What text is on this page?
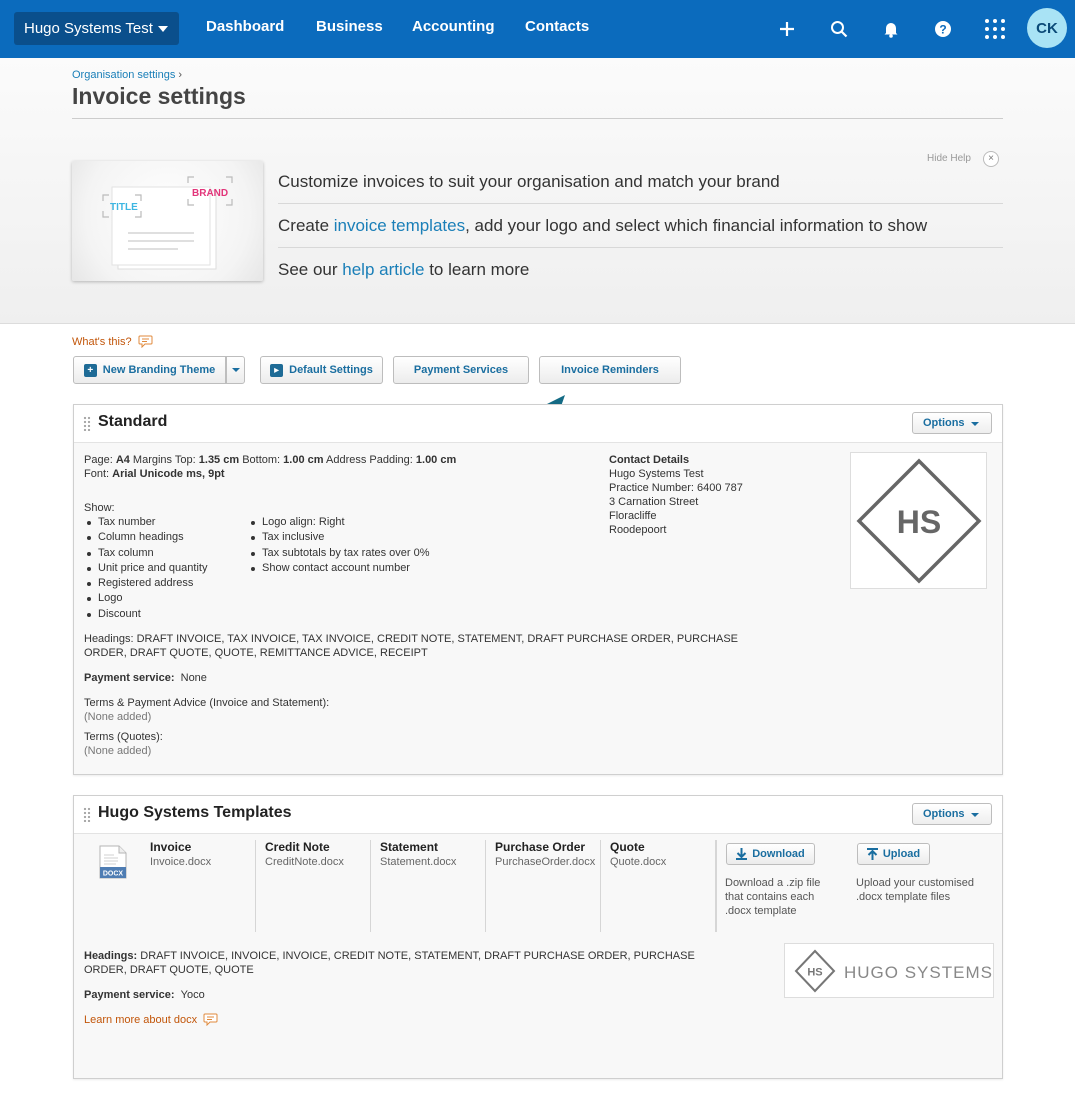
Hugo Systems Test	Dashboard Business Accounting Contacts	?	CK
Organisation settings ›
Invoice settings
TITLE
BRAND
Hide Help	×
Customize invoices to suit your organisation and match your brand
Create invoice templates, add your logo and select which financial information to show
See our help article to learn more
What's this?
+ New Branding Theme	▸ Default Settings	Payment Services	Invoice Reminders
Standard	Options
Page: A4 Margins Top: 1.35 cm Bottom: 1.00 cm Address Padding: 1.00 cm
Font: Arial Unicode ms, 9pt
Show:
Tax number
Column headings
Tax column
Unit price and quantity
Registered address
Logo
Discount
Logo align: Right
Tax inclusive
Tax subtotals by tax rates over 0%
Show contact account number
Headings: DRAFT INVOICE, TAX INVOICE, TAX INVOICE, CREDIT NOTE, STATEMENT, DRAFT PURCHASE ORDER, PURCHASE
ORDER, DRAFT QUOTE, QUOTE, REMITTANCE ADVICE, RECEIPT
Payment service: None
Terms & Payment Advice (Invoice and Statement):
(None added)
Terms (Quotes):
(None added)
Contact Details
Hugo Systems Test
Practice Number: 6400 787
3 Carnation Street
Floracliffe
Roodepoort	HS
Hugo Systems Templates	Options
DOCX
Invoice
Invoice.docx
Credit Note
CreditNote.docx
Statement
Statement.docx
Purchase Order
PurchaseOrder.docx
Quote
Quote.docx
Download
Download a .zip file
that contains each
.docx template
Upload
Upload your customised
.docx template files
Headings: DRAFT INVOICE, INVOICE, INVOICE, CREDIT NOTE, STATEMENT, DRAFT PURCHASE ORDER, PURCHASE
ORDER, DRAFT QUOTE, QUOTE
Payment service: Yoco
Learn more about docx
HS HUGO SYSTEMS
